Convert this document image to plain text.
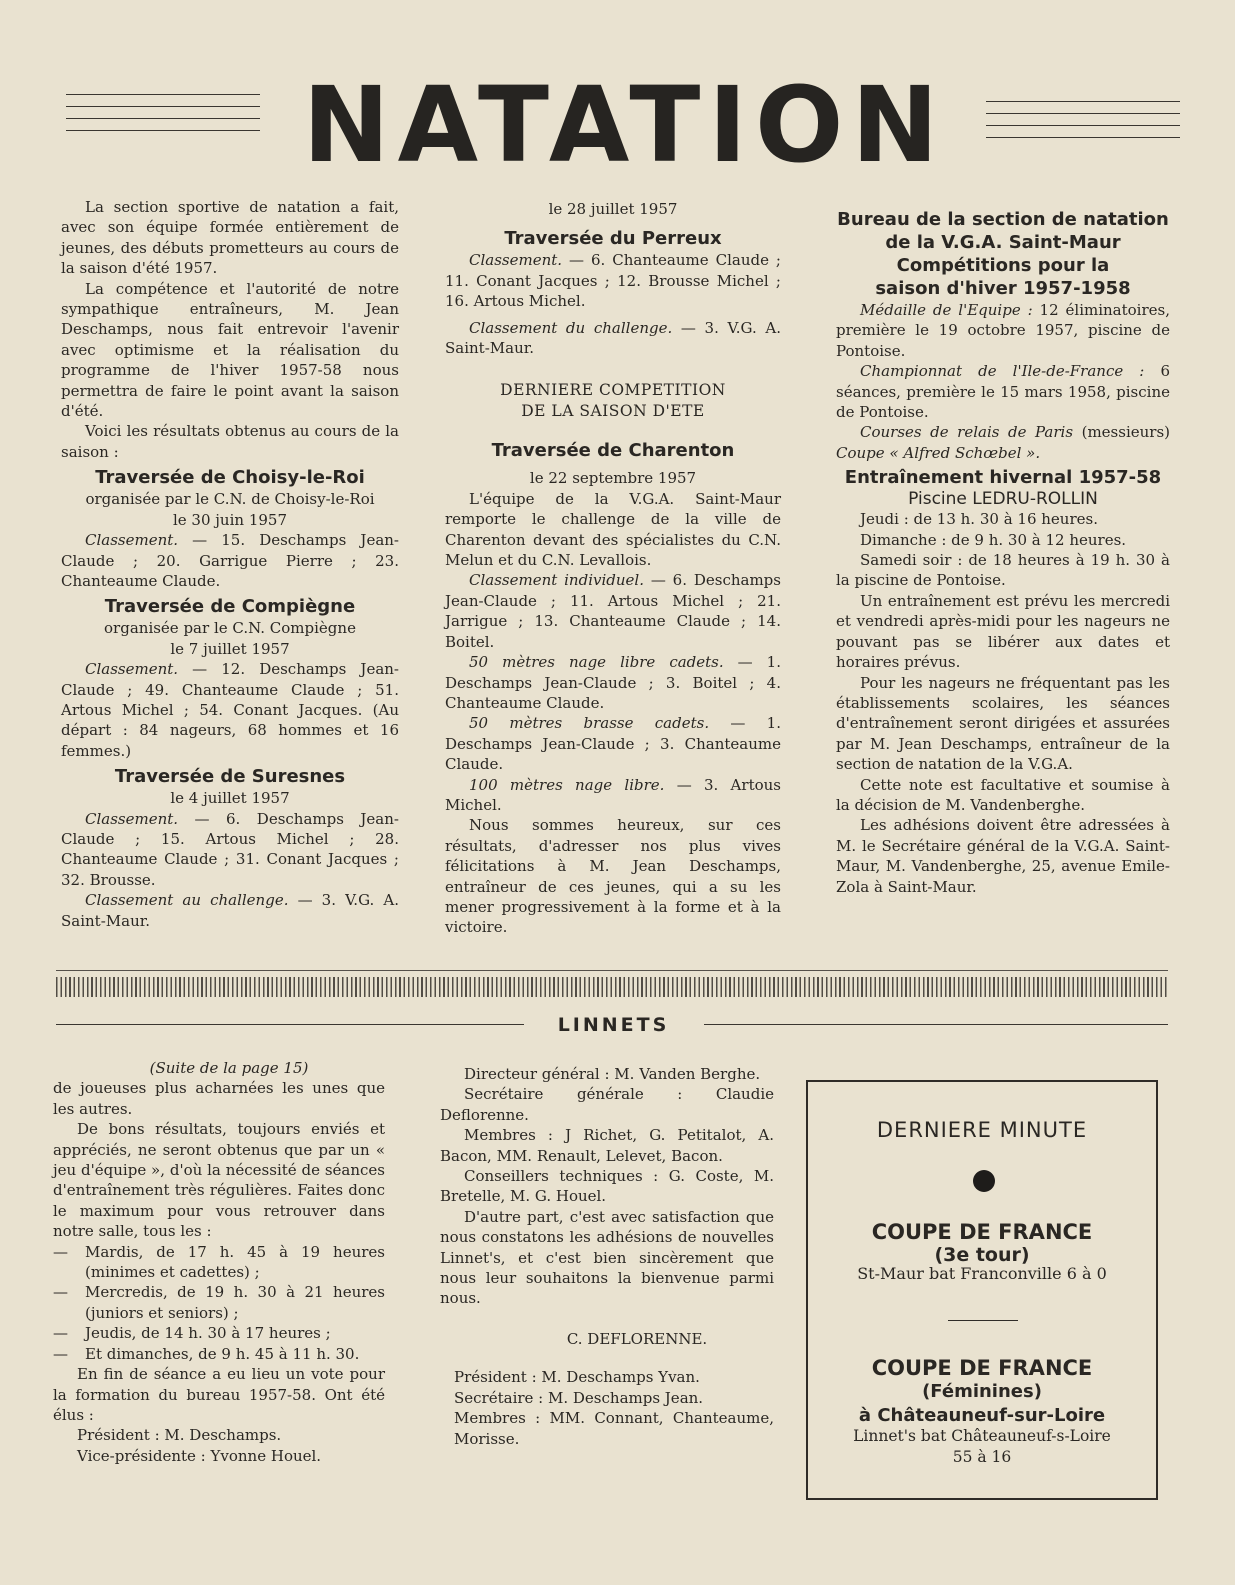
NATATION

La section sportive de natation a fait, avec son équipe formée entièrement de jeunes, des débuts prometteurs au cours de la saison d'été 1957.

La compétence et l'autorité de notre sympathique entraîneurs, M. Jean Deschamps, nous fait entrevoir l'avenir avec optimisme et la réalisation du programme de l'hiver 1957-58 nous permettra de faire le point avant la saison d'été.

Voici les résultats obtenus au cours de la saison :

Traversée de Choisy-le-Roi

organisée par le C.N. de Choisy-le-Roi

le 30 juin 1957

Classement. — 15. Deschamps Jean-Claude ; 20. Garrigue Pierre ; 23. Chanteaume Claude.

Traversée de Compiègne

organisée par le C.N. Compiègne

le 7 juillet 1957

Classement. — 12. Deschamps Jean-Claude ; 49. Chanteaume Claude ; 51. Artous Michel ; 54. Conant Jacques. (Au départ : 84 nageurs, 68 hommes et 16 femmes.)

Traversée de Suresnes

le 4 juillet 1957

Classement. — 6. Deschamps Jean-Claude ; 15. Artous Michel ; 28. Chanteaume Claude ; 31. Conant Jacques ; 32. Brousse.

Classement au challenge. — 3. V.G. A. Saint-Maur.

le 28 juillet 1957

Traversée du Perreux

Classement. — 6. Chanteaume Claude ; 11. Conant Jacques ; 12. Brousse Michel ; 16. Artous Michel.

Classement du challenge. — 3. V.G. A. Saint-Maur.

DERNIERE COMPETITION
DE LA SAISON D'ETE
Traversée de Charenton

le 22 septembre 1957

L'équipe de la V.G.A. Saint-Maur remporte le challenge de la ville de Charenton devant des spécialistes du C.N. Melun et du C.N. Levallois.

Classement individuel. — 6. Deschamps Jean-Claude ; 11. Artous Michel ; 21. Jarrigue ; 13. Chanteaume Claude ; 14. Boitel.

50 mètres nage libre cadets. — 1. Deschamps Jean-Claude ; 3. Boitel ; 4. Chanteaume Claude.

50 mètres brasse cadets. — 1. Deschamps Jean-Claude ; 3. Chanteaume Claude.

100 mètres nage libre. — 3. Artous Michel.

Nous sommes heureux, sur ces résultats, d'adresser nos plus vives félicitations à M. Jean Deschamps, entraîneur de ces jeunes, qui a su les mener progressivement à la forme et à la victoire.

Bureau de la section de natation
de la V.G.A. Saint-Maur
Compétitions pour la
saison d'hiver 1957-1958

Médaille de l'Equipe : 12 éliminatoires, première le 19 octobre 1957, piscine de Pontoise.

Championnat de l'Ile-de-France : 6 séances, première le 15 mars 1958, piscine de Pontoise.

Courses de relais de Paris (messieurs) Coupe « Alfred Schœbel ».

Entraînement hivernal 1957-58

Piscine LEDRU-ROLLIN

Jeudi : de 13 h. 30 à 16 heures.

Dimanche : de 9 h. 30 à 12 heures.

Samedi soir : de 18 heures à 19 h. 30 à la piscine de Pontoise.

Un entraînement est prévu les mercredi et vendredi après-midi pour les nageurs ne pouvant pas se libérer aux dates et horaires prévus.

Pour les nageurs ne fréquentant pas les établissements scolaires, les séances d'entraînement seront dirigées et assurées par M. Jean Deschamps, entraîneur de la section de natation de la V.G.A.

Cette note est facultative et soumise à la décision de M. Vandenberghe.

Les adhésions doivent être adressées à M. le Secrétaire général de la V.G.A. Saint-Maur, M. Vandenberghe, 25, avenue Emile-Zola à Saint-Maur.

LINNETS

(Suite de la page 15)

de joueuses plus acharnées les unes que les autres.

De bons résultats, toujours enviés et appréciés, ne seront obtenus que par un « jeu d'équipe », d'où la nécessité de séances d'entraînement très régulières. Faites donc le maximum pour vous retrouver dans notre salle, tous les :

— Mardis, de 17 h. 45 à 19 heures (minimes et cadettes) ;

— Mercredis, de 19 h. 30 à 21 heures (juniors et seniors) ;

— Jeudis, de 14 h. 30 à 17 heures ;

— Et dimanches, de 9 h. 45 à 11 h. 30.

En fin de séance a eu lieu un vote pour la formation du bureau 1957-58. Ont été élus :

Président : M. Deschamps.

Vice-présidente : Yvonne Houel.

Directeur général : M. Vanden Berghe.

Secrétaire générale : Claudie Deflorenne.

Membres : J Richet, G. Petitalot, A. Bacon, MM. Renault, Lelevet, Bacon.

Conseillers techniques : G. Coste, M. Bretelle, M. G. Houel.

D'autre part, c'est avec satisfaction que nous constatons les adhésions de nouvelles Linnet's, et c'est bien sincèrement que nous leur souhaitons la bienvenue parmi nous.

C. DEFLORENNE.

Président : M. Deschamps Yvan.

Secrétaire : M. Deschamps Jean.

Membres : MM. Connant, Chanteaume, Morisse.

DERNIERE MINUTE
COUPE DE FRANCE
(3e tour)
St-Maur bat Franconville 6 à 0
COUPE DE FRANCE
(Féminines)
à Châteauneuf-sur-Loire
Linnet's bat Châteauneuf-s-Loire
55 à 16
